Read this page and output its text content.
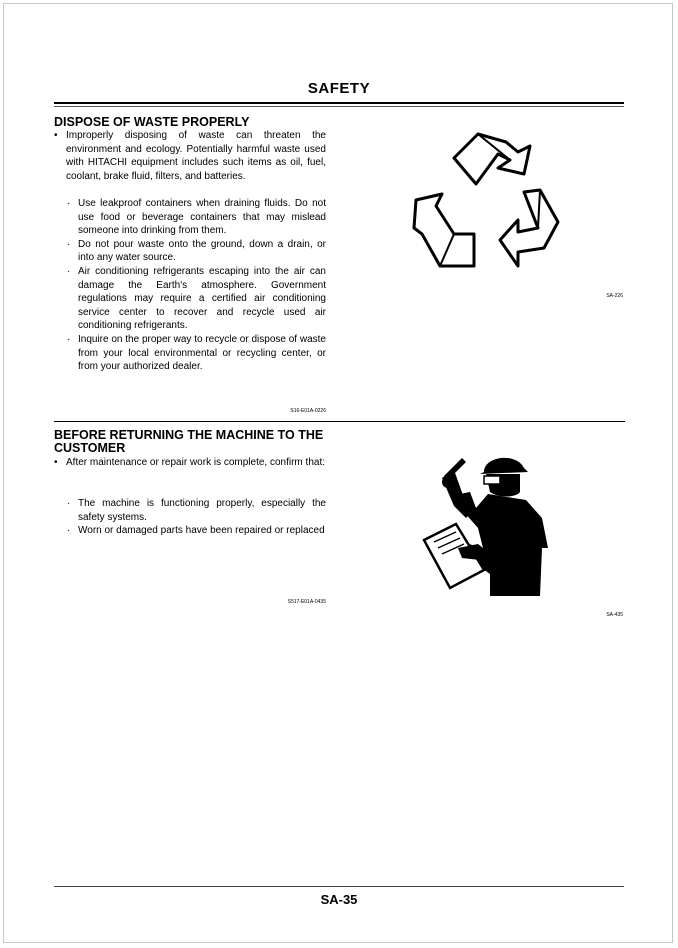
SAFETY
DISPOSE OF WASTE PROPERLY
• Improperly disposing of waste can threaten the environment and ecology. Potentially harmful waste used with HITACHI equipment includes such items as oil, fuel, coolant, brake fluid, filters, and batteries.
· Use leakproof containers when draining fluids. Do not use food or beverage containers that may mislead someone into drinking from them.
· Do not pour waste onto the ground, down a drain, or into any water source.
· Air conditioning refrigerants escaping into the air can damage the Earth's atmosphere. Government regulations may require a certified air conditioning service center to recover and recycle used air conditioning refrigerants.
· Inquire on the proper way to recycle or dispose of waste from your local environmental or recycling center, or from your authorized dealer.
S16-E01A-0226
SA-226
BEFORE RETURNING THE MACHINE TO THE CUSTOMER
• After maintenance or repair work is complete, confirm that:
· The machine is functioning properly, especially the safety systems.
· Worn or damaged parts have been repaired or replaced
S517-E01A-0435
SA-435
SA-35
